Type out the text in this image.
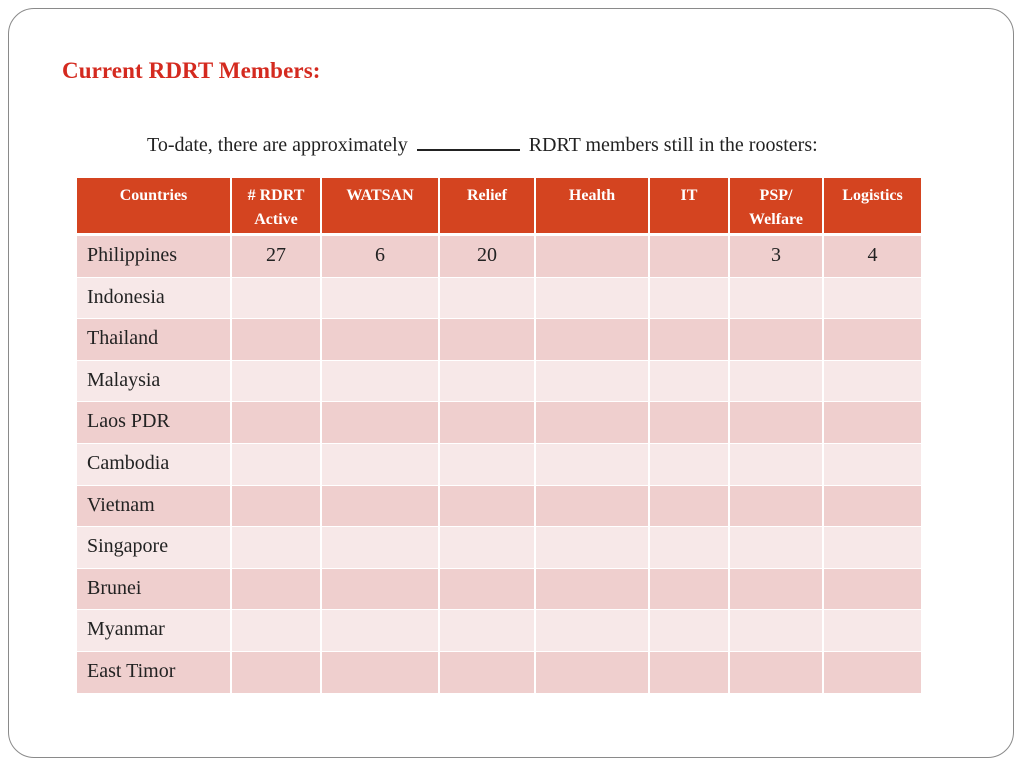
Current RDRT Members:
To-date, there are approximately	RDRT members still in the roosters:
Countries	# RDRT Active	WATSAN	Relief	Health	IT	PSP/ Welfare	Logistics
Philippines	27	6	20			3	4
Indonesia							
Thailand							
Malaysia							
Laos PDR							
Cambodia							
Vietnam							
Singapore							
Brunei							
Myanmar							
East Timor							
